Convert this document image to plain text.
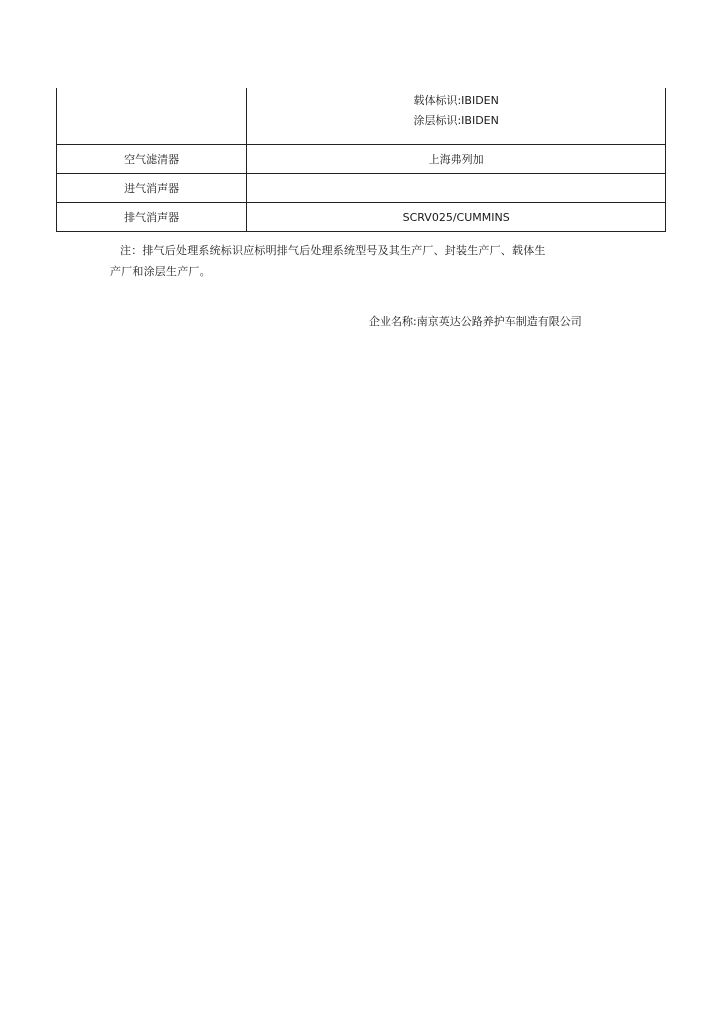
	载体标识:IBIDEN
涂层标识:IBIDEN

空气滤清器	上海弗列加
进气消声器	
排气消声器	SCRV025/CUMMINS
注：排气后处理系统标识应标明排气后处理系统型号及其生产厂、封装生产厂、载体生
产厂和涂层生产厂。
企业名称:南京英达公路养护车制造有限公司
